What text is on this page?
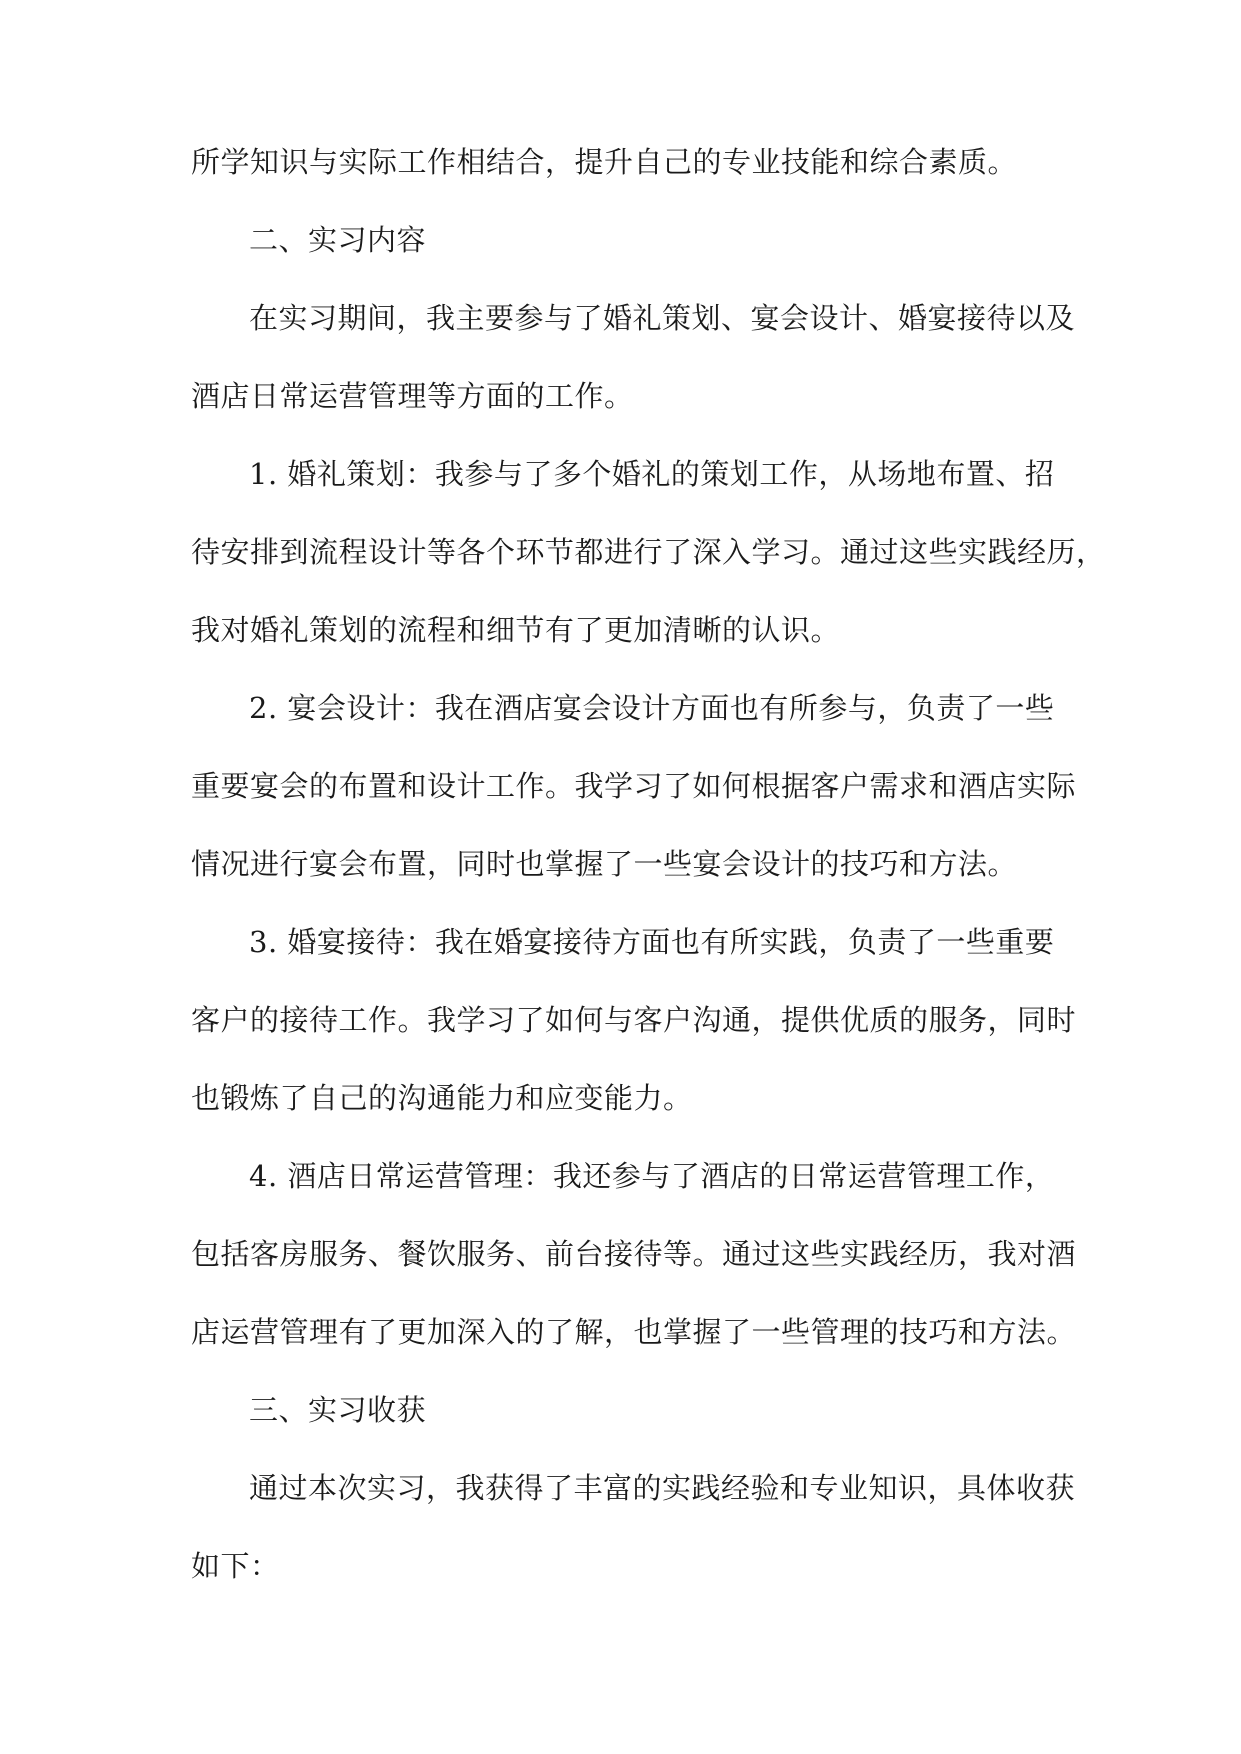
所学知识与实际工作相结合，提升自己的专业技能和综合素质。
二、实习内容
在实习期间，我主要参与了婚礼策划、宴会设计、婚宴接待以及
酒店日常运营管理等方面的工作。
1. 婚礼策划：我参与了多个婚礼的策划工作，从场地布置、招
待安排到流程设计等各个环节都进行了深入学习。通过这些实践经历，
我对婚礼策划的流程和细节有了更加清晰的认识。
2. 宴会设计：我在酒店宴会设计方面也有所参与，负责了一些
重要宴会的布置和设计工作。我学习了如何根据客户需求和酒店实际
情况进行宴会布置，同时也掌握了一些宴会设计的技巧和方法。
3. 婚宴接待：我在婚宴接待方面也有所实践，负责了一些重要
客户的接待工作。我学习了如何与客户沟通，提供优质的服务，同时
也锻炼了自己的沟通能力和应变能力。
4. 酒店日常运营管理：我还参与了酒店的日常运营管理工作，
包括客房服务、餐饮服务、前台接待等。通过这些实践经历，我对酒
店运营管理有了更加深入的了解，也掌握了一些管理的技巧和方法。
三、实习收获
通过本次实习，我获得了丰富的实践经验和专业知识，具体收获
如下：
